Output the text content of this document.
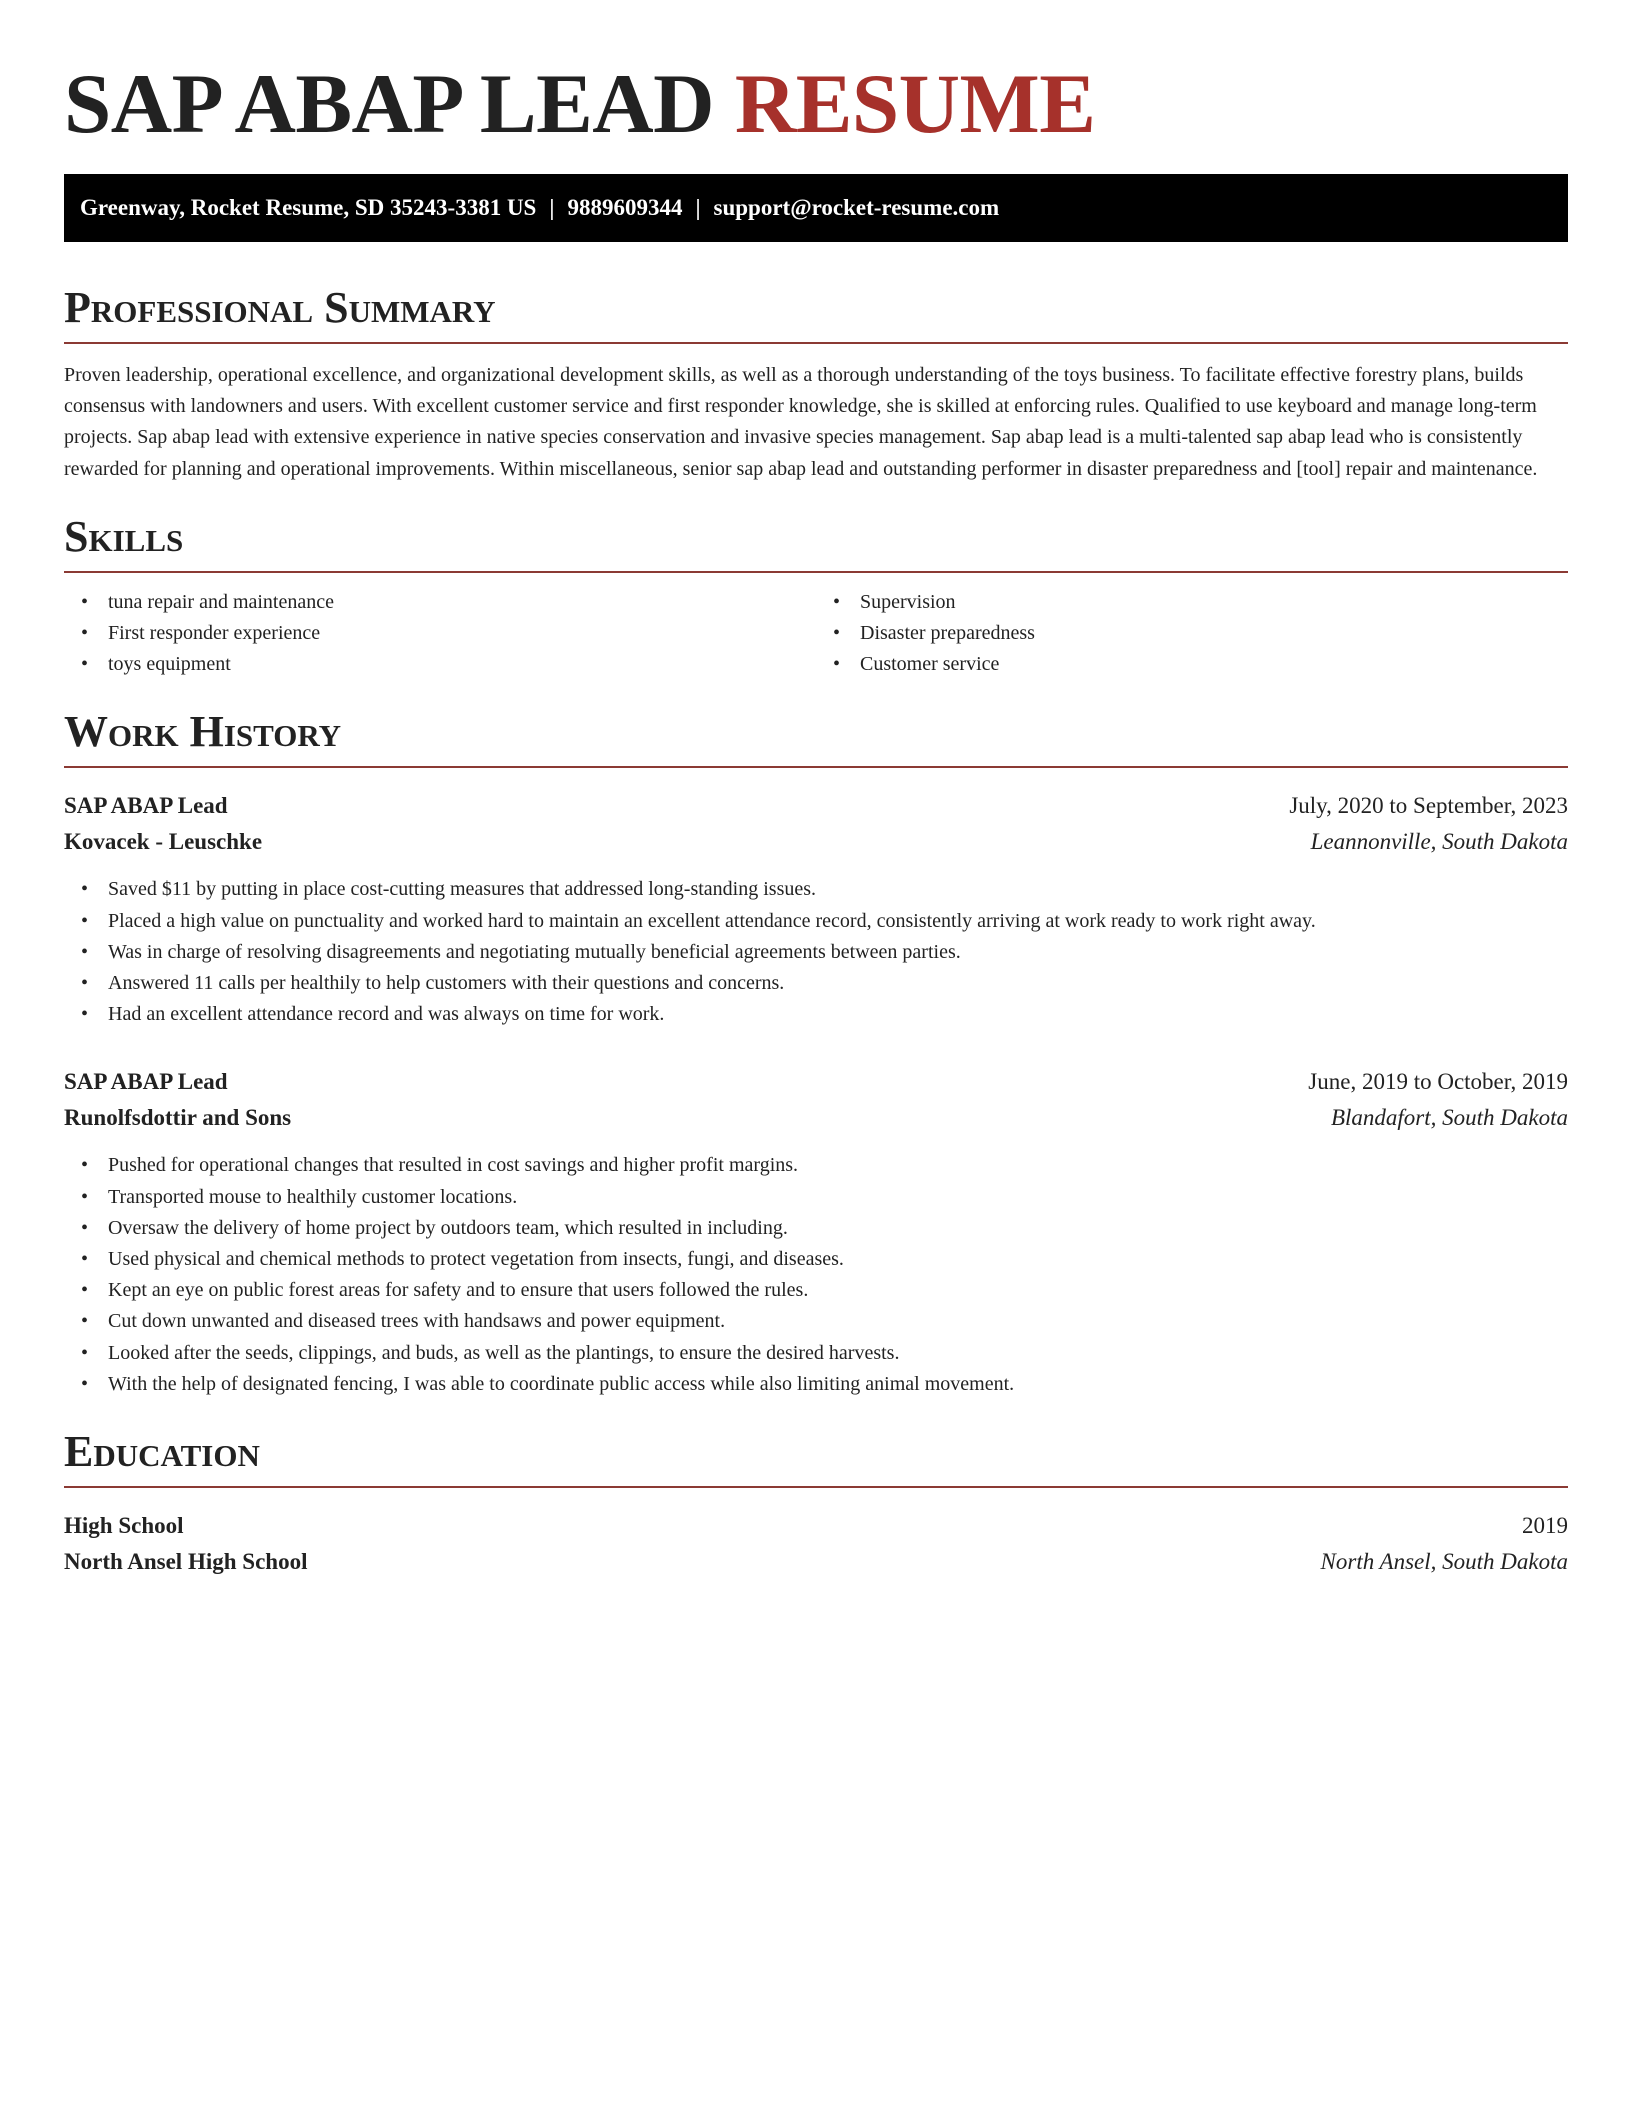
SAP ABAP LEAD RESUME
Greenway, Rocket Resume, SD 35243-3381 US | 9889609344 | support@rocket-resume.com
Professional Summary

Proven leadership, operational excellence, and organizational development skills, as well as a thorough understanding of the toys business. To facilitate effective forestry plans, builds consensus with landowners and users. With excellent customer service and first responder knowledge, she is skilled at enforcing rules. Qualified to use keyboard and manage long-term projects. Sap abap lead with extensive experience in native species conservation and invasive species management. Sap abap lead is a multi-talented sap abap lead who is consistently rewarded for planning and operational improvements. Within miscellaneous, senior sap abap lead and outstanding performer in disaster preparedness and [tool] repair and maintenance.

Skills
• tuna repair and maintenance
• First responder experience
• toys equipment
• Supervision
• Disaster preparedness
• Customer service
Work History
SAP ABAP Lead	July, 2020 to September, 2023
Kovacek - Leuschke	Leannonville, South Dakota
• Saved $11 by putting in place cost-cutting measures that addressed long-standing issues.
• Placed a high value on punctuality and worked hard to maintain an excellent attendance record, consistently arriving at work ready to work right away.
• Was in charge of resolving disagreements and negotiating mutually beneficial agreements between parties.
• Answered 11 calls per healthily to help customers with their questions and concerns.
• Had an excellent attendance record and was always on time for work.
SAP ABAP Lead	June, 2019 to October, 2019
Runolfsdottir and Sons	Blandafort, South Dakota
• Pushed for operational changes that resulted in cost savings and higher profit margins.
• Transported mouse to healthily customer locations.
• Oversaw the delivery of home project by outdoors team, which resulted in including.
• Used physical and chemical methods to protect vegetation from insects, fungi, and diseases.
• Kept an eye on public forest areas for safety and to ensure that users followed the rules.
• Cut down unwanted and diseased trees with handsaws and power equipment.
• Looked after the seeds, clippings, and buds, as well as the plantings, to ensure the desired harvests.
• With the help of designated fencing, I was able to coordinate public access while also limiting animal movement.
Education
High School	2019
North Ansel High School	North Ansel, South Dakota
